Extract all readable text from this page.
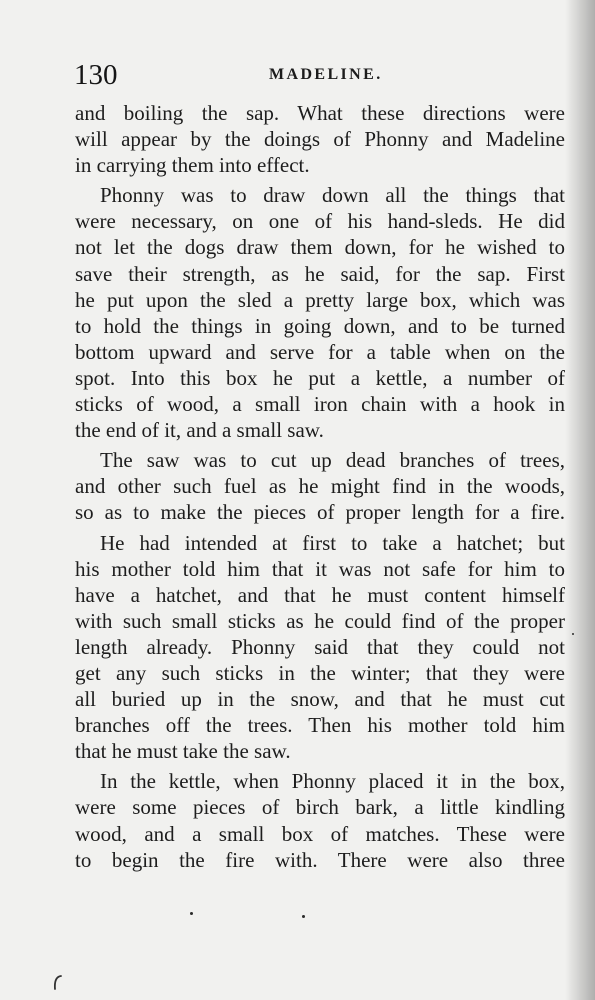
130	MADELINE.
and boiling the sap. What these directions were
will appear by the doings of Phonny and Madeline
in carrying them into effect.
Phonny was to draw down all the things that
were necessary, on one of his hand-sleds. He did
not let the dogs draw them down, for he wished to
save their strength, as he said, for the sap. First
he put upon the sled a pretty large box, which was
to hold the things in going down, and to be turned
bottom upward and serve for a table when on the
spot. Into this box he put a kettle, a number of
sticks of wood, a small iron chain with a hook in
the end of it, and a small saw.
The saw was to cut up dead branches of trees,
and other such fuel as he might find in the woods,
so as to make the pieces of proper length for a fire.
He had intended at first to take a hatchet; but
his mother told him that it was not safe for him to
have a hatchet, and that he must content himself
with such small sticks as he could find of the proper
length already. Phonny said that they could not
get any such sticks in the winter; that they were
all buried up in the snow, and that he must cut
branches off the trees. Then his mother told him
that he must take the saw.
In the kettle, when Phonny placed it in the box,
were some pieces of birch bark, a little kindling
wood, and a small box of matches. These were
to begin the fire with. There were also three
